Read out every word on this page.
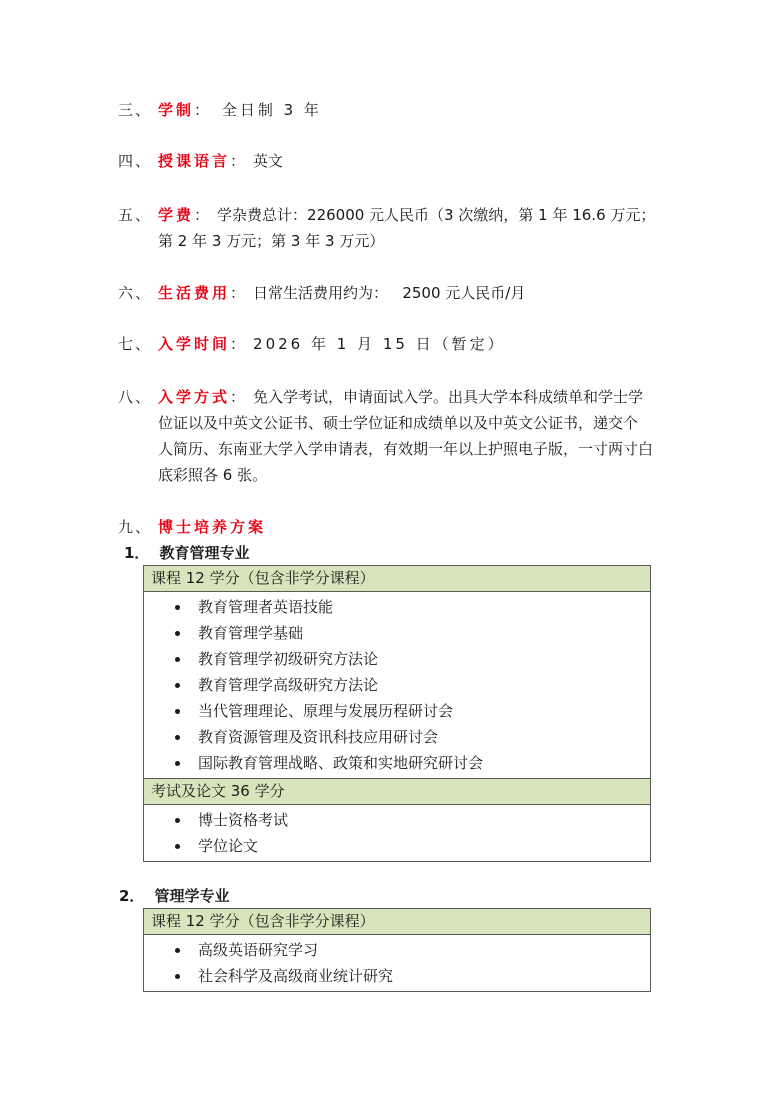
三、 学制： 全日制 3 年
四、 授课语言： 英文
五、 学费： 学杂费总计：226000 元人民币（3 次缴纳，第 1 年 16.6 万元；
第 2 年 3 万元；第 3 年 3 万元）
六、 生活费用： 日常生活费用约为：   2500 元人民币/月
七、 入学时间： 2026 年 1 月 15 日（暂定）
八、 入学方式： 免入学考试，申请面试入学。出具大学本科成绩单和学士学
位证以及中英文公证书、硕士学位证和成绩单以及中英文公证书，递交个
人简历、东南亚大学入学申请表，有效期一年以上护照电子版，一寸两寸白
底彩照各 6 张。
九、 博士培养方案
1． 教育管理专业
课程 12 学分（包含非学分课程）

教育管理者英语技能
教育管理学基础
教育管理学初级研究方法论
教育管理学高级研究方法论
当代管理理论、原理与发展历程研讨会
教育资源管理及资讯科技应用研讨会
国际教育管理战略、政策和实地研究研讨会

考试及论文 36 学分

博士资格考试
学位论文
2． 管理学专业
课程 12 学分（包含非学分课程）

高级英语研究学习
社会科学及高级商业统计研究
